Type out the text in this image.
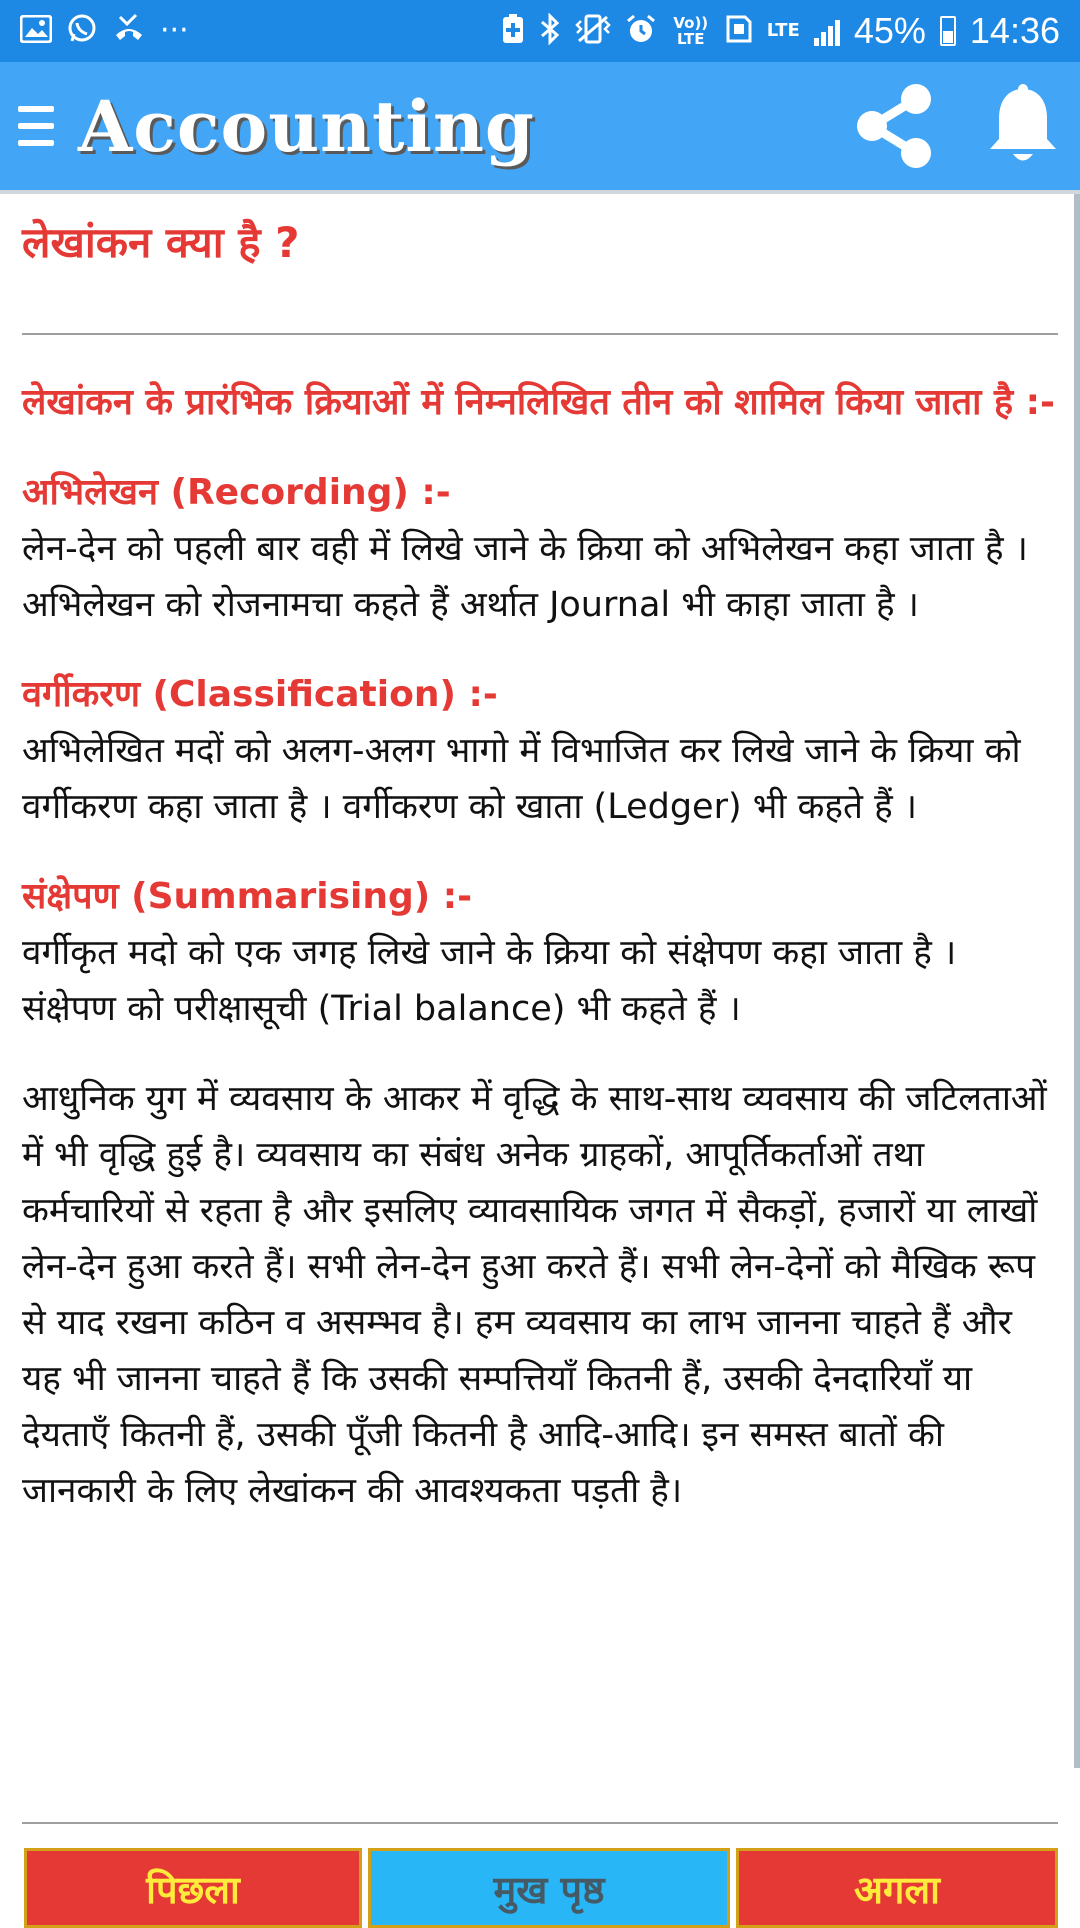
···	Vo)) LTE	LTE 45% 14:36
Accounting
लेखांकन क्या है ?

लेखांकन के प्रारंभिक क्रियाओं में निम्नलिखित तीन को शामिल किया जाता है :-

अभिलेखन (Recording) :-

लेन-देन को पहली बार वही में लिखे जाने के क्रिया को अभिलेखन कहा जाता है । अभिलेखन को रोजनामचा कहते हैं अर्थात Journal भी काहा जाता है ।

वर्गीकरण (Classification) :-

अभिलेखित मदों को अलग-अलग भागो में विभाजित कर लिखे जाने के क्रिया को वर्गीकरण कहा जाता है । वर्गीकरण को खाता (Ledger) भी कहते हैं ।

संक्षेपण (Summarising) :-

वर्गीकृत मदो को एक जगह लिखे जाने के क्रिया को संक्षेपण कहा जाता है । संक्षेपण को परीक्षासूची (Trial balance) भी कहते हैं ।

आधुनिक युग में व्यवसाय के आकर में वृद्धि के साथ-साथ व्यवसाय की जटिलताओं में भी वृद्धि हुई है। व्यवसाय का संबंध अनेक ग्राहकों, आपूर्तिकर्ताओं तथा कर्मचारियों से रहता है और इसलिए व्यावसायिक जगत में सैकड़ों, हजारों या लाखों लेन-देन हुआ करते हैं। सभी लेन-देन हुआ करते हैं। सभी लेन-देनों को मैखिक रूप से याद रखना कठिन व असम्भव है। हम व्यवसाय का लाभ जानना चाहते हैं और यह भी जानना चाहते हैं कि उसकी सम्पत्तियाँ कितनी हैं, उसकी देनदारियाँ या देयताएँ कितनी हैं, उसकी पूँजी कितनी है आदि-आदि। इन समस्त बातों की जानकारी के लिए लेखांकन की आवश्यकता पड़ती है।

पिछला	मुख पृष्ठ	अगला
